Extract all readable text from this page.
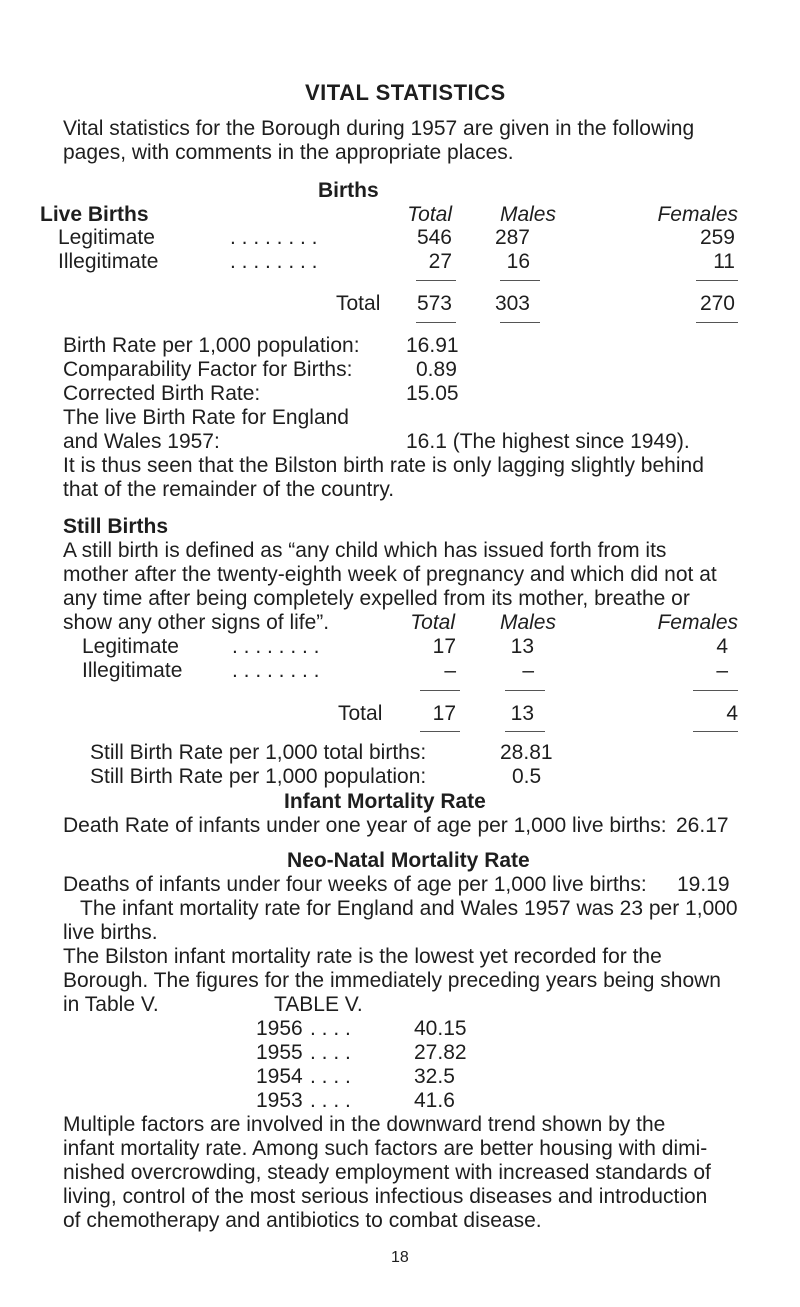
VITAL STATISTICS
Vital statistics for the Borough during 1957 are given in the following
pages, with comments in the appropriate places.
Births
Live Births	Total	Males	Females
Legitimate	. . . . . . . .	546	287	259
Illegitimate	. . . . . . . .	27	16	11
Total	573	303	270
Birth Rate per 1,000 population: 16.91
Comparability Factor for Births:	0.89
Corrected Birth Rate:	15.05
The live Birth Rate for England
and Wales 1957:	16.1 (The highest since 1949).
It is thus seen that the Bilston birth rate is only lagging slightly behind
that of the remainder of the country.
Still Births
A still birth is defined as “any child which has issued forth from its
mother after the twenty-eighth week of pregnancy and which did not at
any time after being completely expelled from its mother, breathe or
show any other signs of life”.	Total	Males	Females
Legitimate	. . . . . . . .	17	13	4
Illegitimate . . . . . . . .	–	–	–
Total	17	13	4
Still Birth Rate per 1,000 total births:	28.81
Still Birth Rate per 1,000 population:	0.5
Infant Mortality Rate
Death Rate of infants under one year of age per 1,000 live births: 26.17
Neo-Natal Mortality Rate
Deaths of infants under four weeks of age per 1,000 live births: 19.19
The infant mortality rate for England and Wales 1957 was 23 per 1,000
live births.
The Bilston infant mortality rate is the lowest yet recorded for the
Borough. The figures for the immediately preceding years being shown
in Table V.	TABLE V.
1956 . . . .	40.15
1955 . . . .	27.82
1954 . . . .	32.5
1953 . . . .	41.6
Multiple factors are involved in the downward trend shown by the
infant mortality rate. Among such factors are better housing with dimi-
nished overcrowding, steady employment with increased standards of
living, control of the most serious infectious diseases and introduction
of chemotherapy and antibiotics to combat disease.
18
